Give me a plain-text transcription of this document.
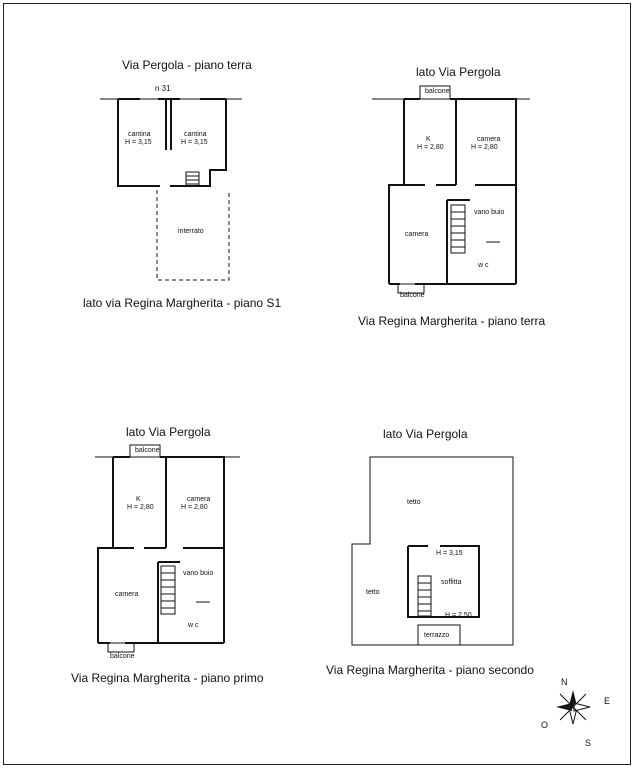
Via Pergola - piano terra
n 31
cantina
H = 3,15
cantina
H = 3,15
interrato
lato via Regina Margherita - piano S1
lato Via Pergola
balcone
K
H = 2,80
camera
H = 2,80
vano buio
camera
w c
balcone
Via Regina Margherita - piano terra
lato Via Pergola
balcone
K
H = 2,80
camera
H = 2,80
vano buio
camera
w c
balcone
Via Regina Margherita - piano primo
lato Via Pergola
tetto
tetto
H = 3,15
soffitta
H = 2,50
terrazzo
Via Regina Margherita - piano secondo
N
E
O
S
